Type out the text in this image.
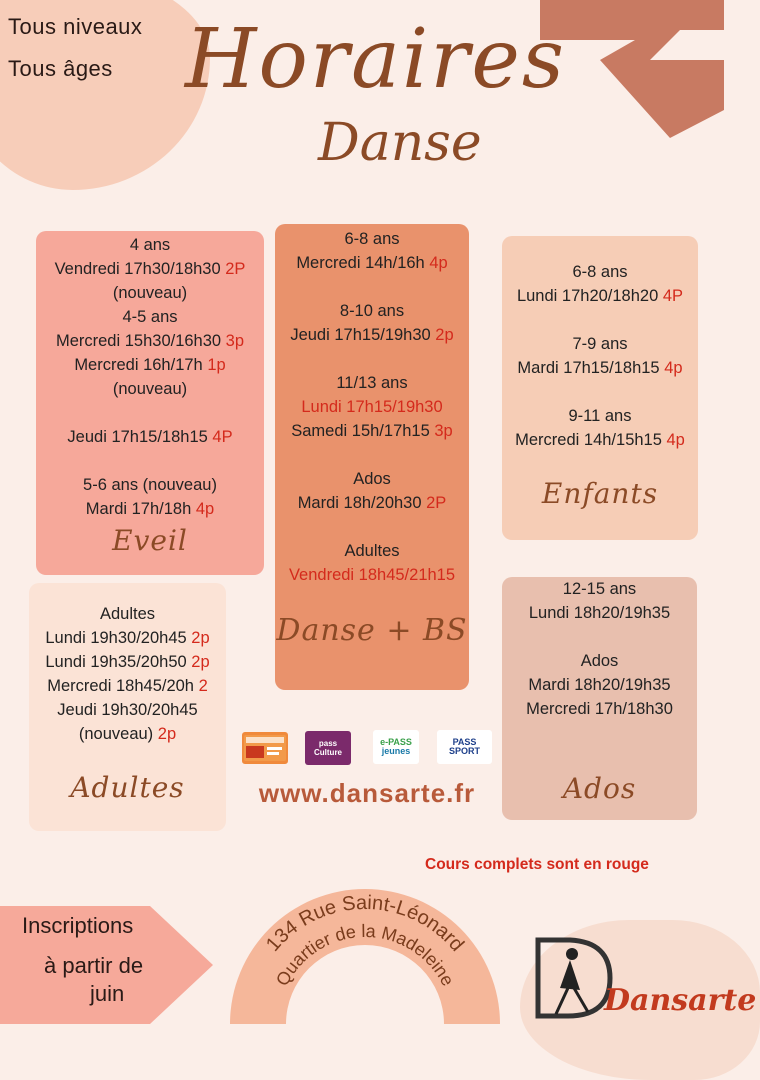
Tous niveaux
Tous âges Horaires
Danse
4 ans
Vendredi 17h30/18h30 2P
(nouveau)
4-5 ans
Mercredi 15h30/16h30 3p
Mercredi 16h/17h 1p
(nouveau)
Jeudi 17h15/18h15 4P
5-6 ans (nouveau)
Mardi 17h/18h 4p
Eveil
6-8 ans
Mercredi 14h/16h 4p
8-10 ans
Jeudi 17h15/19h30 2p
11/13 ans
Lundi 17h15/19h30
Samedi 15h/17h15 3p
Ados
Mardi 18h/20h30 2P
Adultes
Vendredi 18h45/21h15
Danse + BS
6-8 ans
Lundi 17h20/18h20 4P
7-9 ans
Mardi 17h15/18h15 4p
9-11 ans
Mercredi 14h/15h15 4p
Enfants
Adultes
Lundi 19h30/20h45 2p
Lundi 19h35/20h50 2p
Mercredi 18h45/20h 2
Jeudi 19h30/20h45
(nouveau) 2p
Adultes
12-15 ans
Lundi 18h20/19h35
Ados
Mardi 18h20/19h35
Mercredi 17h/18h30
Ados
pass
Culture
e-PASS
jeunes
PASS SPORT
www.dansarte.fr
Cours complets sont en rouge
Inscriptions
à partir de
juin
134 Rue Saint-Léonard
Quartier de la Madeleine
Dansarte
